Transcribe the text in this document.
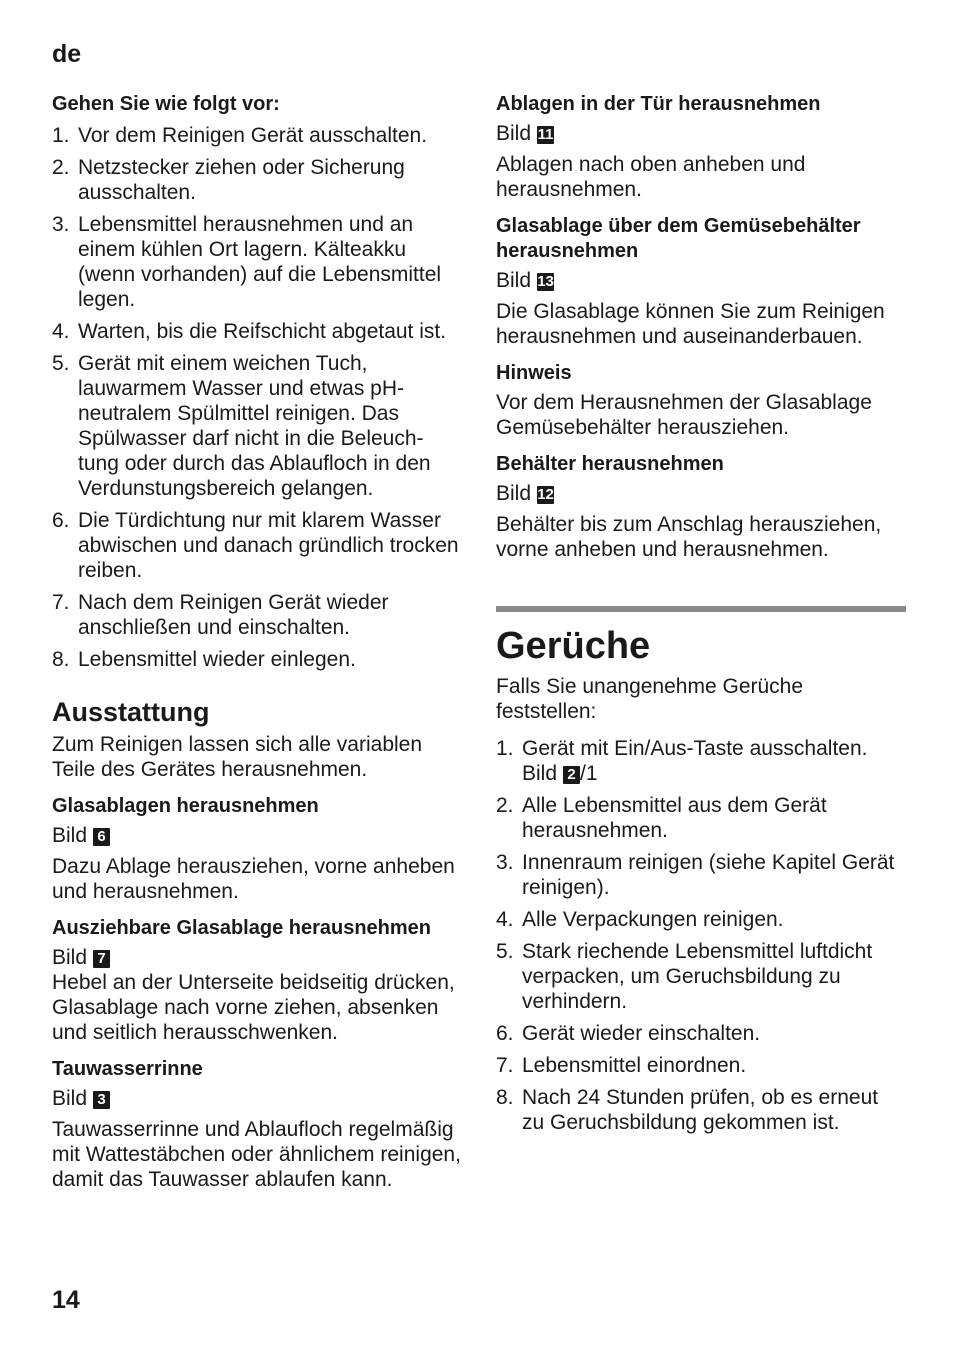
de

Gehen Sie wie folgt vor:

1. Vor dem Reinigen Gerät ausschalten.
2. Netzstecker ziehen oder Sicherung ausschalten.
3. Lebensmittel herausnehmen und an einem kühlen Ort lagern. Kälteakku (wenn vorhanden) auf die Lebensmittel legen.
4. Warten, bis die Reifschicht abgetaut ist.
5. Gerät mit einem weichen Tuch, lauwarmem Wasser und etwas pH-neutralem Spülmittel reinigen. Das Spülwasser darf nicht in die Beleuch-tung oder durch das Ablaufloch in den Verdunstungsbereich gelangen.
6. Die Türdichtung nur mit klarem Wasser abwischen und danach gründlich trocken reiben.
7. Nach dem Reinigen Gerät wieder anschließen und einschalten.
8. Lebensmittel wieder einlegen.

Ausstattung

Zum Reinigen lassen sich alle variablen Teile des Gerätes herausnehmen.

Glasablagen herausnehmen

Bild 6

Dazu Ablage herausziehen, vorne anheben und herausnehmen.

Ausziehbare Glasablage herausnehmen

Bild 7

Hebel an der Unterseite beidseitig drücken, Glasablage nach vorne ziehen, absenken und seitlich herausschwenken.

Tauwasserrinne

Bild 3

Tauwasserrinne und Ablaufloch regelmäßig mit Wattestäbchen oder ähnlichem reinigen, damit das Tauwasser ablaufen kann.

Ablagen in der Tür herausnehmen

Bild 11

Ablagen nach oben anheben und herausnehmen.

Glasablage über dem Gemüsebehälter herausnehmen

Bild 13

Die Glasablage können Sie zum Reinigen herausnehmen und auseinanderbauen.

Hinweis

Vor dem Herausnehmen der Glasablage Gemüsebehälter herausziehen.

Behälter herausnehmen

Bild 12

Behälter bis zum Anschlag herausziehen, vorne anheben und herausnehmen.

Gerüche

Falls Sie unangenehme Gerüche feststellen:

1. Gerät mit Ein/Aus-Taste ausschalten.
Bild 2 /1
2. Alle Lebensmittel aus dem Gerät herausnehmen.
3. Innenraum reinigen (siehe Kapitel Gerät reinigen).
4. Alle Verpackungen reinigen.
5. Stark riechende Lebensmittel luftdicht verpacken, um Geruchsbildung zu verhindern.
6. Gerät wieder einschalten.
7. Lebensmittel einordnen.
8. Nach 24 Stunden prüfen, ob es erneut zu Geruchsbildung gekommen ist.
14
